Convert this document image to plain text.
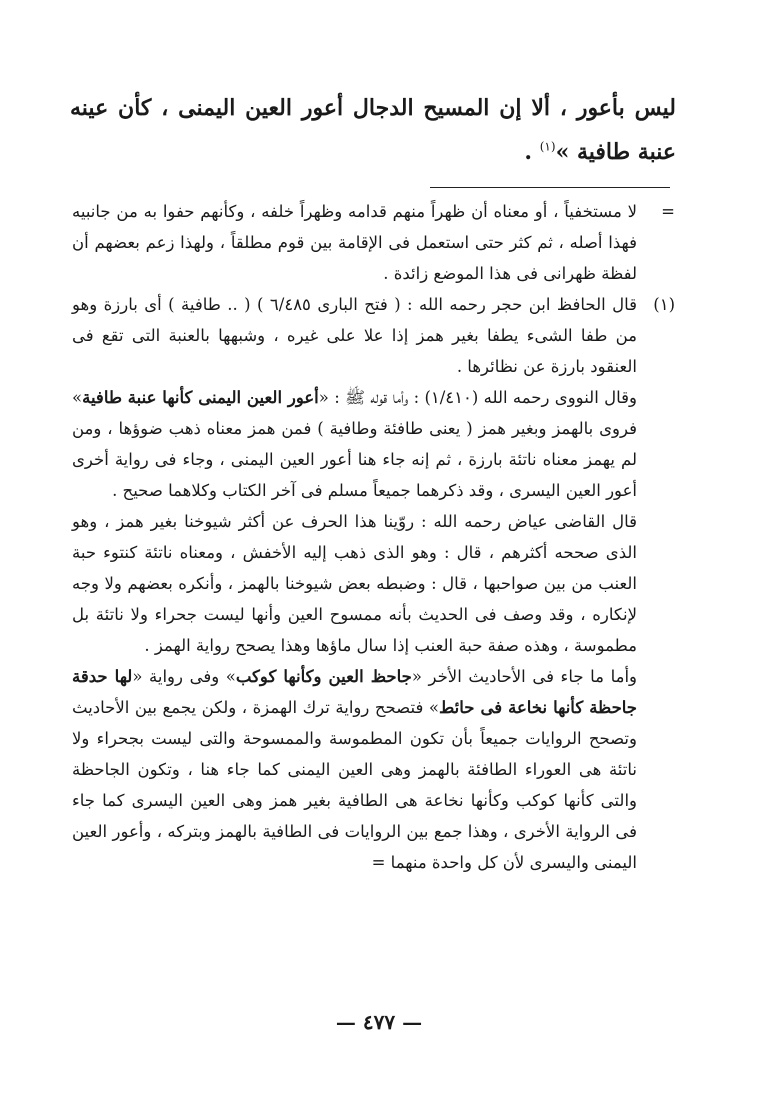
ليس بأعور ، ألا إن المسيح الدجال أعور العين اليمنى ، كأن عينه عنبة طافية »$^{(١)}$ .
=
لا مستخفياً ، أو معناه أن ظهراً منهم قدامه وظهراً خلفه ، وكأنهم حفوا به من جانبيه فهذا أصله ، ثم كثر حتى استعمل فى الإقامة بين قوم مطلقاً ، ولهذا زعم بعضهم أن لفظة ظهرانى فى هذا الموضع زائدة .
(١)
قال الحافظ ابن حجر رحمه الله : ( فتح البارى ٦/٤٨٥ ) ( .. طافية ) أى بارزة وهو من طفا الشىء يطفا بغير همز إذا علا على غيره ، وشبهها بالعنبة التى تقع فى العنقود بارزة عن نظائرها .
وقال النووى رحمه الله (١/٤١٠) : وأما قوله ﷺ : «أعور العين اليمنى كأنها عنبة طافية» فروى بالهمز وبغير همز ( يعنى طافئة وطافية ) فمن همز معناه ذهب ضوؤها ، ومن لم يهمز معناه ناتئة بارزة ، ثم إنه جاء هنا أعور العين اليمنى ، وجاء فى رواية أخرى أعور العين اليسرى ، وقد ذكرهما جميعاً مسلم فى آخر الكتاب وكلاهما صحيح .
قال القاضى عياض رحمه الله : روّينا هذا الحرف عن أكثر شيوخنا بغير همز ، وهو الذى صححه أكثرهم ، قال : وهو الذى ذهب إليه الأخفش ، ومعناه ناتئة كنتوء حبة العنب من بين صواحبها ، قال : وضبطه بعض شيوخنا بالهمز ، وأنكره بعضهم ولا وجه لإنكاره ، وقد وصف فى الحديث بأنه ممسوح العين وأنها ليست جحراء ولا ناتئة بل مطموسة ، وهذه صفة حبة العنب إذا سال ماؤها وهذا يصحح رواية الهمز .
وأما ما جاء فى الأحاديث الأخر «جاحظ العين وكأنها كوكب» وفى رواية «لها حدقة جاحظة كأنها نخاعة فى حائط» فتصحح رواية ترك الهمزة ، ولكن يجمع بين الأحاديث وتصحح الروايات جميعاً بأن تكون المطموسة والممسوحة والتى ليست بجحراء ولا ناتئة هى العوراء الطافئة بالهمز وهى العين اليمنى كما جاء هنا ، وتكون الجاحظة والتى كأنها كوكب وكأنها نخاعة هى الطافية بغير همز وهى العين اليسرى كما جاء فى الرواية الأخرى ، وهذا جمع بين الروايات فى الطافية بالهمز وبتركه ، وأعور العين اليمنى واليسرى لأن كل واحدة منهما =
— ٤٧٧ —
